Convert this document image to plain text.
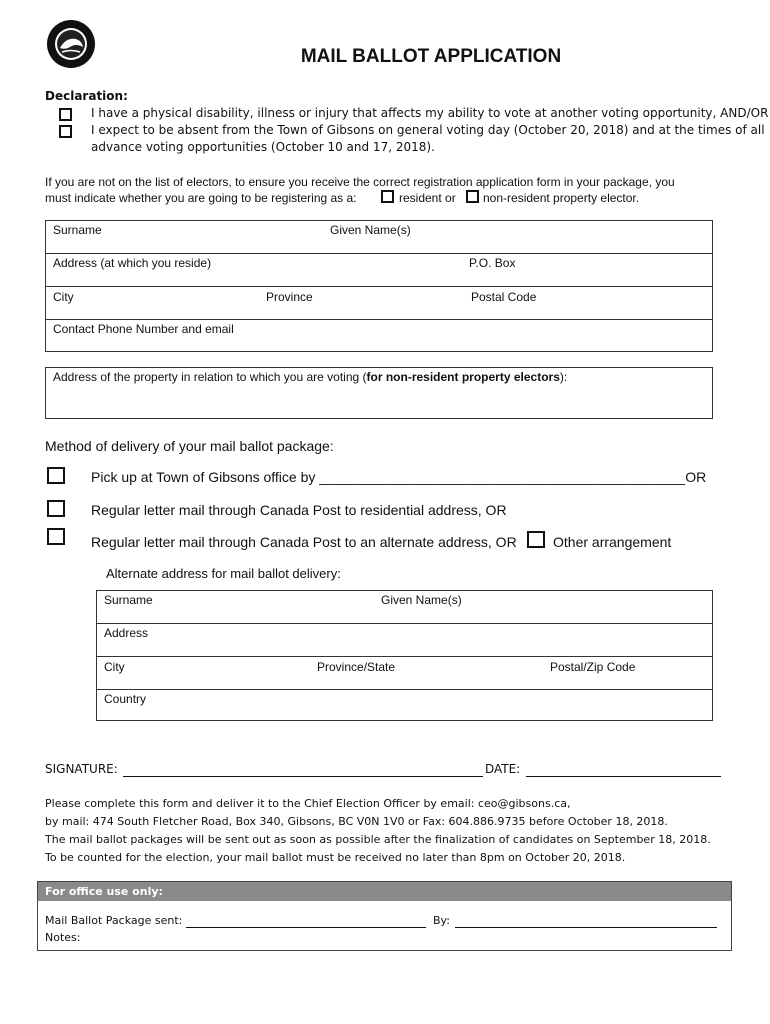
MAIL BALLOT APPLICATION
Declaration:
I have a physical disability, illness or injury that affects my ability to vote at another voting opportunity, AND/OR
I expect to be absent from the Town of Gibsons on general voting day (October 20, 2018) and at the times of all
advance voting opportunities (October 10 and 17, 2018).
If you are not on the list of electors, to ensure you receive the correct registration application form in your package, you
must indicate whether you are going to be registering as a:	resident or non-resident property elector.
Surname	Given Name(s)
Address (at which you reside)	P.O. Box
City	Province	Postal Code
Contact Phone Number and email
Address of the property in relation to which you are voting (for non-resident property electors):
Method of delivery of your mail ballot package:
Pick up at Town of Gibsons office by _______________________________________________OR
Regular letter mail through Canada Post to residential address, OR
Regular letter mail through Canada Post to an alternate address, OR	Other arrangement
Alternate address for mail ballot delivery:
Surname	Given Name(s)
Address
City	Province/State	Postal/Zip Code
Country
SIGNATURE:	DATE:
Please complete this form and deliver it to the Chief Election Officer by email: ceo@gibsons.ca,
by mail: 474 South Fletcher Road, Box 340, Gibsons, BC V0N 1V0 or Fax: 604.886.9735 before October 18, 2018.
The mail ballot packages will be sent out as soon as possible after the finalization of candidates on September 18, 2018.
To be counted for the election, your mail ballot must be received no later than 8pm on October 20, 2018.
For office use only:
Mail Ballot Package sent:	By:
Notes:
